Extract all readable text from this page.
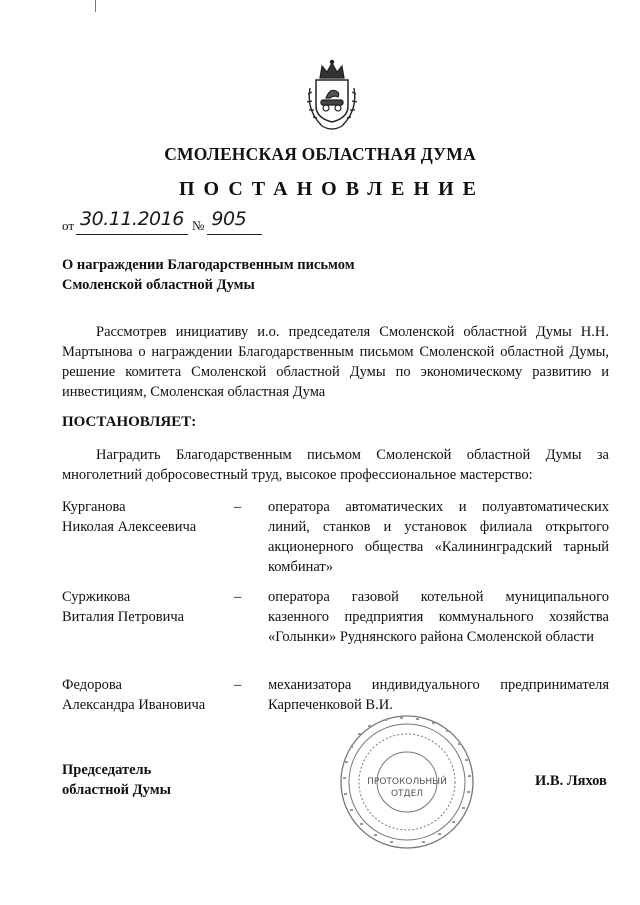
СМОЛЕНСКАЯ ОБЛАСТНАЯ ДУМА
ПОСТАНОВЛЕНИЕ
от 30.11.2016 № 905
О награждении Благодарственным письмом
Смоленской областной Думы
Рассмотрев инициативу и.о. председателя Смоленской областной Думы Н.Н. Мартынова о награждении Благодарственным письмом Смоленской областной Думы, решение комитета Смоленской областной Думы по экономическому развитию и инвестициям, Смоленская областная Дума
ПОСТАНОВЛЯЕТ:
Наградить Благодарственным письмом Смоленской областной Думы за многолетний добросовестный труд, высокое профессиональное мастерство:
Курганова
Николая Алексеевича
– оператора автоматических и полуавтоматических линий, станков и установок филиала открытого акционерного общества «Калининградский тарный комбинат»
Суржикова
Виталия Петровича
– оператора газовой котельной муниципального казенного предприятия коммунального хозяйства «Голынки» Руднянского района Смоленской области
Федорова
Александра Ивановича
– механизатора индивидуального предпринимателя Карпеченковой В.И.
Председатель
областной Думы	ПРОТОКОЛЬНЫЙ
ОТДЕЛ
И.В. Ляхов
